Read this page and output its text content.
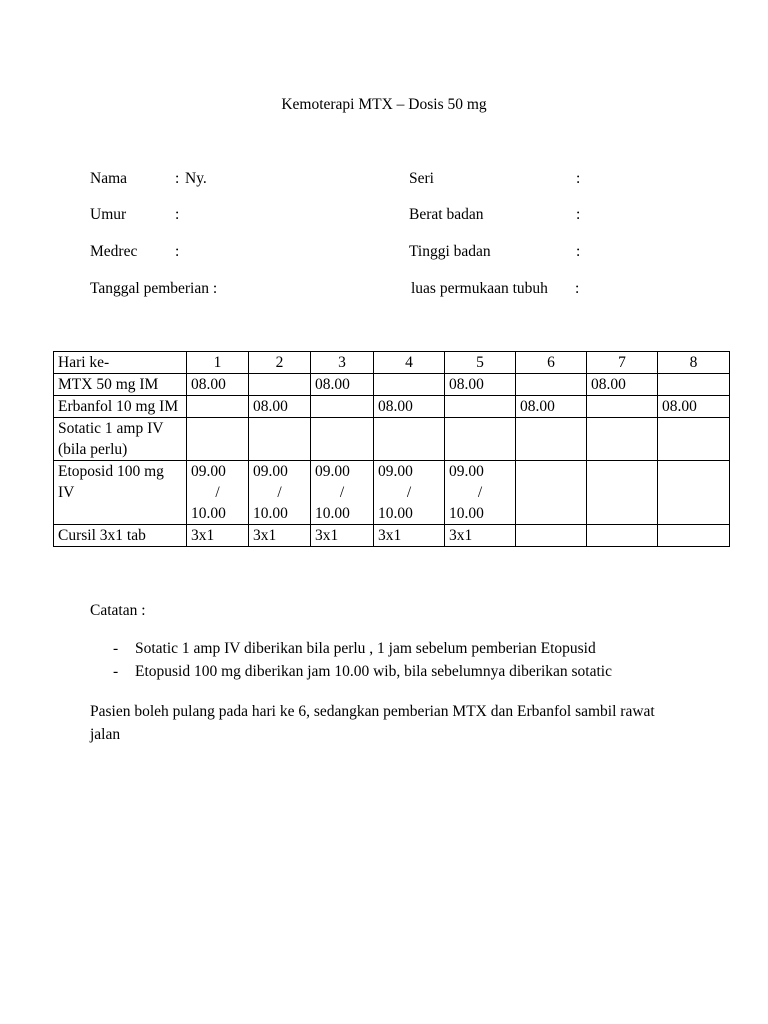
Kemoterapi MTX – Dosis 50 mg
Nama	: Ny.
Umur	:
Medrec :
Tanggal pemberian :
Seri	:
Berat badan	:
Tinggi badan	:
luas permukaan tubuh :
Hari ke-	1	2	3	4	5	6	7	8
MTX 50 mg IM	08.00		08.00		08.00		08.00	
Erbanfol 10 mg IM		08.00		08.00		08.00		08.00
Sotatic 1 amp IV (bila perlu)								
Etoposid 100 mg IV	09.00
/
10.00	09.00
/
10.00	09.00
/
10.00	09.00
/
10.00	09.00
/
10.00			

Cursil 3x1 tab	3x1	3x1	3x1	3x1	3x1			
Catatan :
- Sotatic 1 amp IV diberikan bila perlu , 1 jam sebelum pemberian Etopusid
- Etopusid 100 mg diberikan jam 10.00 wib, bila sebelumnya diberikan sotatic
Pasien boleh pulang pada hari ke 6, sedangkan pemberian MTX dan Erbanfol sambil rawat jalan
